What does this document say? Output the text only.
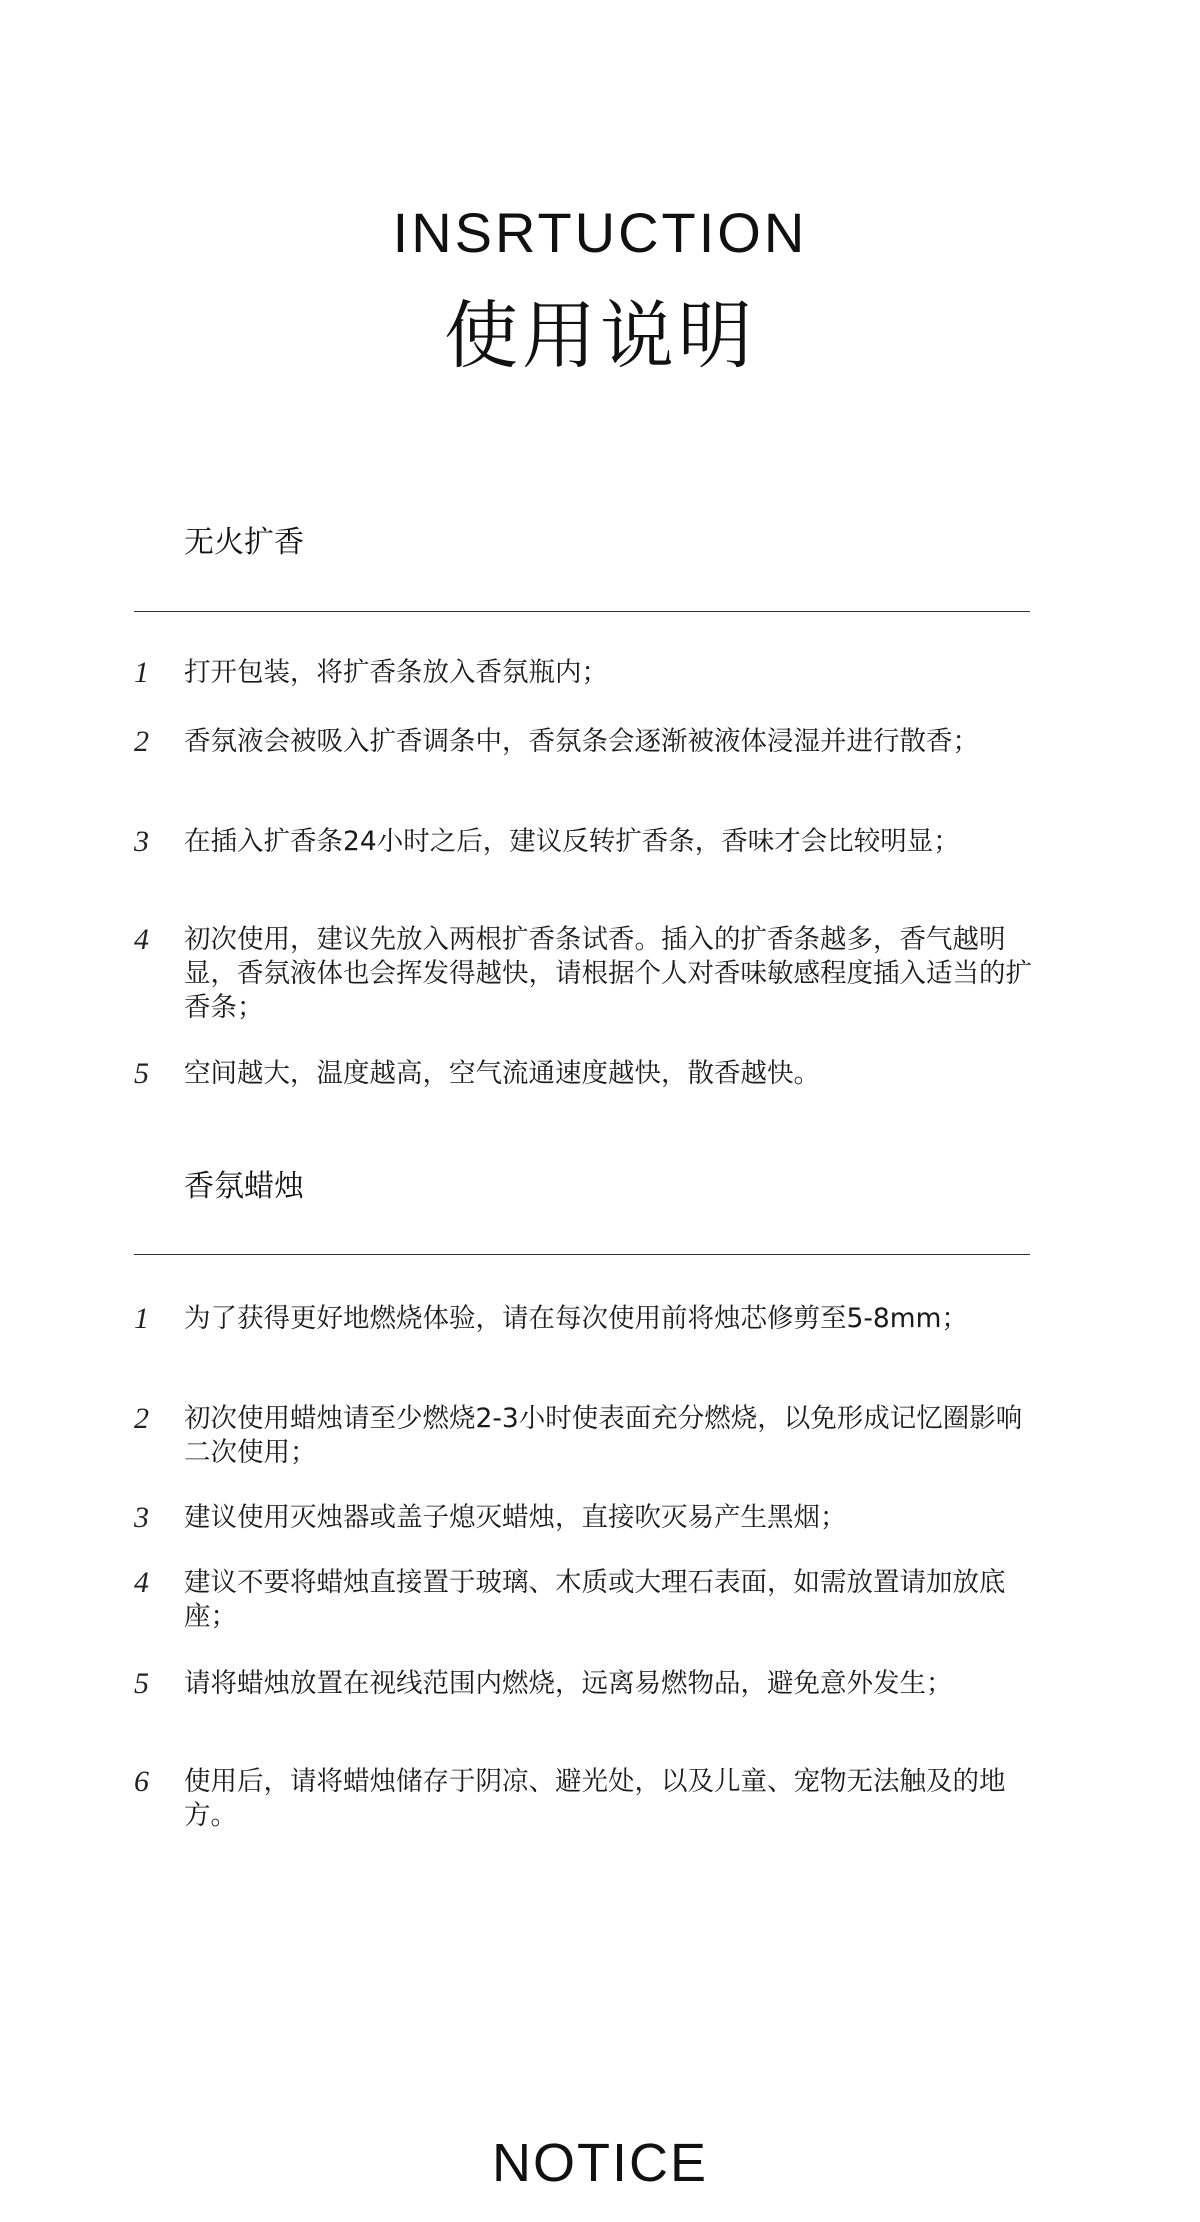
INSRTUCTION
使用说明
无火扩香
1 打开包装，将扩香条放入香氛瓶内；
2 香氛液会被吸入扩香调条中，香氛条会逐渐被液体浸湿并进行散香；
3 在插入扩香条24小时之后，建议反转扩香条，香味才会比较明显；
4 初次使用，建议先放入两根扩香条试香。插入的扩香条越多，香气越明显，香氛液体也会挥发得越快，请根据个人对香味敏感程度插入适当的扩香条；
5 空间越大，温度越高，空气流通速度越快，散香越快。
香氛蜡烛
1 为了获得更好地燃烧体验，请在每次使用前将烛芯修剪至5-8mm；
2 初次使用蜡烛请至少燃烧2-3小时使表面充分燃烧，以免形成记忆圈影响二次使用；
3 建议使用灭烛器或盖子熄灭蜡烛，直接吹灭易产生黑烟；
4 建议不要将蜡烛直接置于玻璃、木质或大理石表面，如需放置请加放底座；
5 请将蜡烛放置在视线范围内燃烧，远离易燃物品，避免意外发生；
6 使用后，请将蜡烛储存于阴凉、避光处，以及儿童、宠物无法触及的地方。
NOTICE
